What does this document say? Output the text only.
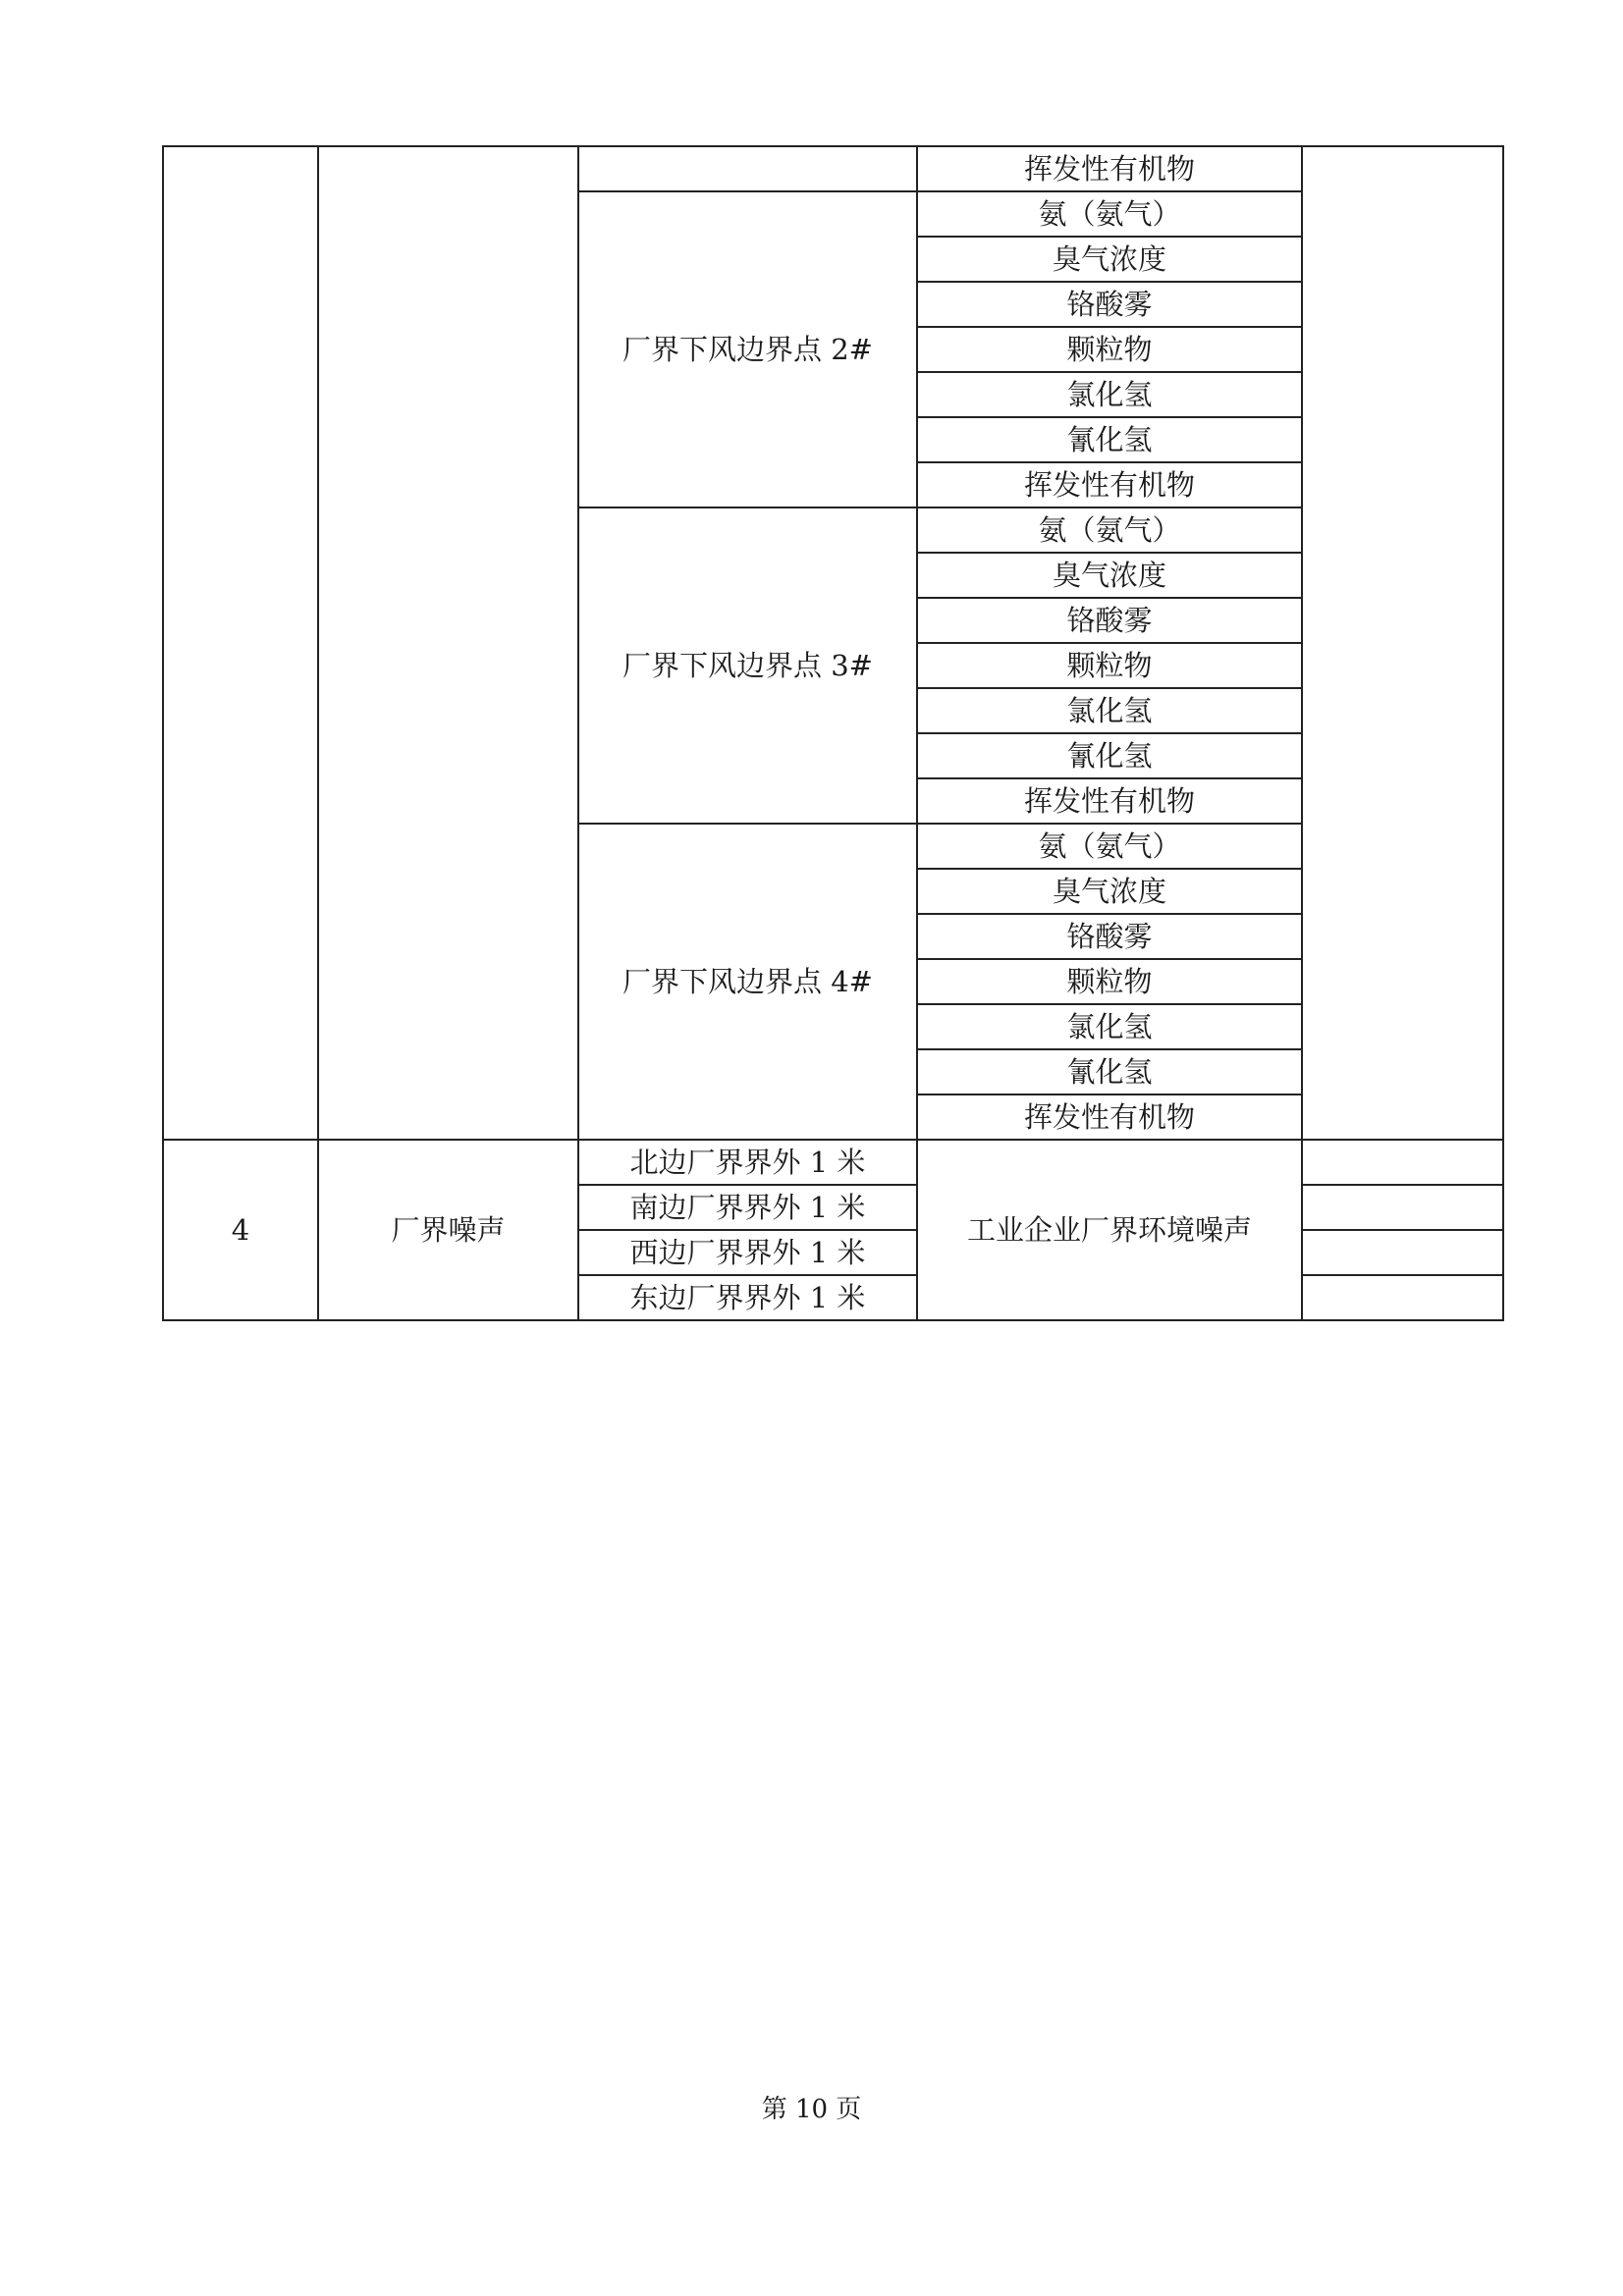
			挥发性有机物	
		厂界下风边界点 2#	氨（氨气）	
			臭气浓度	
			铬酸雾	
			颗粒物	
			氯化氢	
			氰化氢	
			挥发性有机物	
		厂界下风边界点 3#	氨（氨气）	
			臭气浓度	
			铬酸雾	
			颗粒物	
			氯化氢	
			氰化氢	
			挥发性有机物	
		厂界下风边界点 4#	氨（氨气）	
			臭气浓度	
			铬酸雾	
			颗粒物	
			氯化氢	
			氰化氢	
			挥发性有机物	
4	厂界噪声	北边厂界界外 1 米	工业企业厂界环境噪声	
		南边厂界界外 1 米		
		西边厂界界外 1 米		
		东边厂界界外 1 米		
第 10 页
